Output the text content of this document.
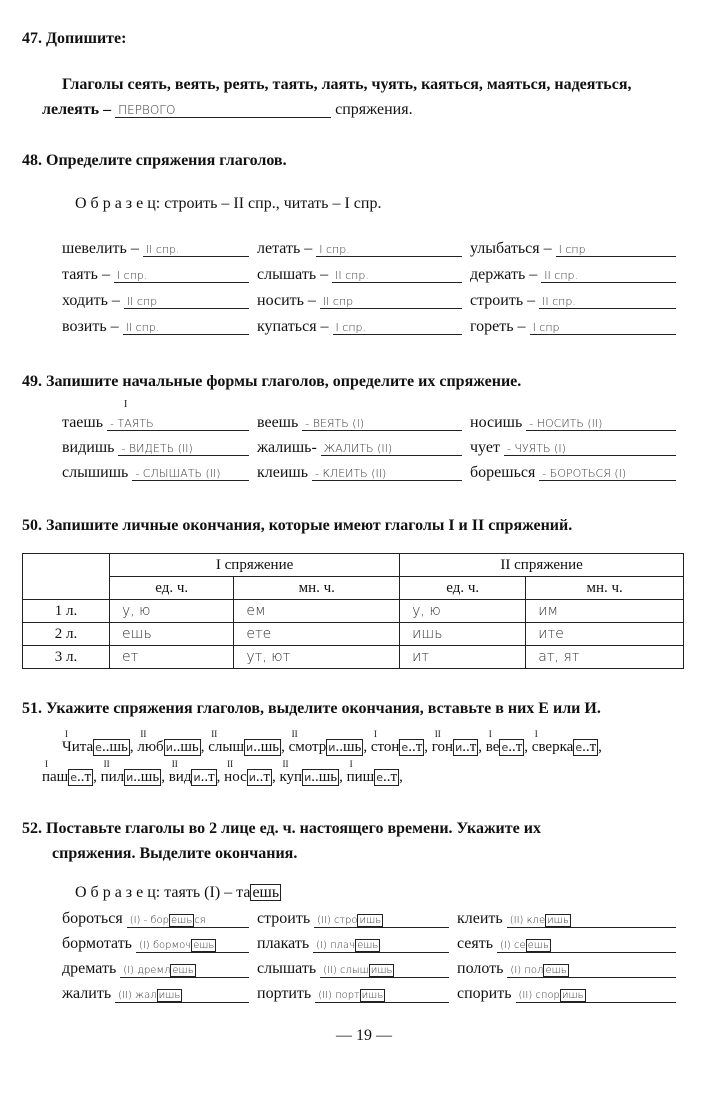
47. Допишите:
Глаголы сеять, веять, реять, таять, лаять, чуять, каяться, маяться, надеяться,
лелеять – ПЕРВОГО	спряжения.
48. Определите спряжения глаголов.
О б р а з е ц: строить – II спр., читать – I спр.
шевелить – II спр.	летать – I спр.	улыбаться – I спр
таять – I спр.	слышать – II спр.	держать – II спр.
ходить – II спр	носить – II спр	строить – II спр.
возить – II спр.	купаться – I спр.	гореть – I спр
49. Запишите начальные формы глаголов, определите их спряжение.
I
таешь - ТАЯТЬ	веешь - ВЕЯТЬ (I)	носишь - НОСИТЬ (II)
видишь - ВИДЕТЬ (II)	жалишь- ЖАЛИТЬ (II)	чует - ЧУЯТЬ (I)
слышишь - СЛЫШАТЬ (II)	клеишь - КЛЕИТЬ (II)	борешься - БОРОТЬСЯ (I)
50. Запишите личные окончания, которые имеют глаголы I и II спряжений.
	I спряжение		II спряжение	
	ед. ч.	мн. ч.	ед. ч.	мн. ч.
1 л.	у, ю	ем	у, ю	им
2 л.	ешь	ете	ишь	ите
3 л.	ет	ут, ют	ит	ат, ят
51. Укажите спряжения глаголов, выделите окончания, вставьте в них Е или И.
I
Чита е..шь ,
II
люб и..шь ,
II
слыш и..шь ,
II
смотр и..шь ,
I
стон е..т ,
II
гон и..т ,
I
ве е..т ,
I
сверка е..т ,
I
паш е..т ,
II
пил и..шь ,
II
вид и..т ,
II
нос и..т ,
II
куп и..шь ,
I
пиш е..т ,
52. Поставьте глаголы во 2 лице ед. ч. настоящего времени. Укажите их
спряжения. Выделите окончания.
О б р а з е ц: таять (I) – та ешь
бороться (I) - бор ешь ся	строить (II) стро ишь	клеить (II) кле ишь
бормотать (I) бормоч ешь	плакать (I) плач ешь	сеять (I) се ешь
дремать (I) дрeмл ешь	слышать (II) слыш ишь	полоть (I) пол ешь
жалить (II) жал ишь	портить (II) порт ишь	спорить (II) спор ишь
— 19 —
